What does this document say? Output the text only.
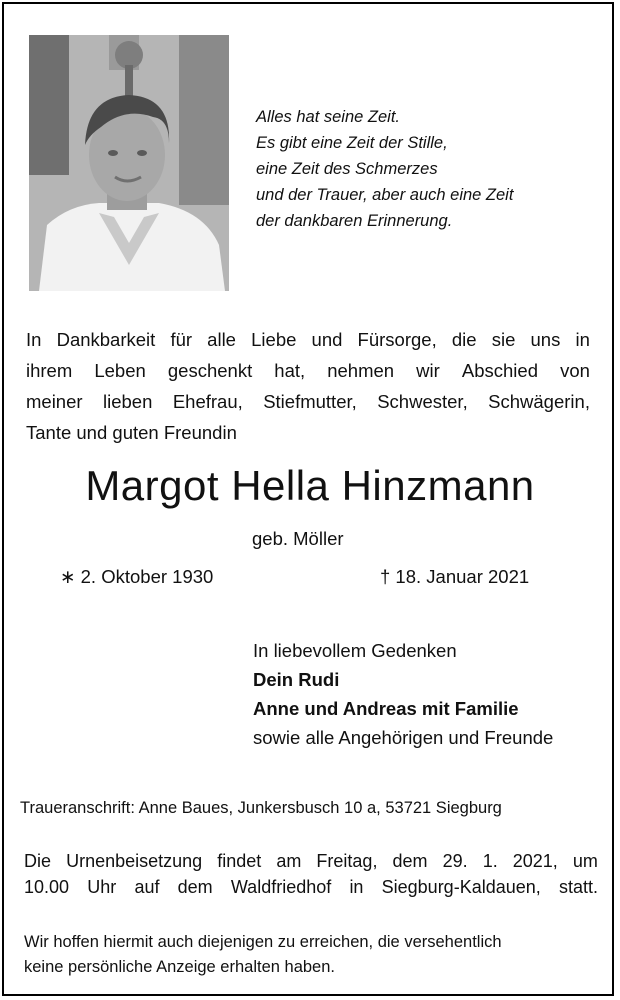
Alles hat seine Zeit.
Es gibt eine Zeit der Stille,
eine Zeit des Schmerzes
und der Trauer, aber auch eine Zeit
der dankbaren Erinnerung.
In Dankbarkeit für alle Liebe und Fürsorge, die sie uns in
ihrem Leben geschenkt hat, nehmen wir Abschied von
meiner lieben Ehefrau, Stiefmutter, Schwester, Schwägerin,
Tante und guten Freundin
Margot Hella Hinzmann
geb. Möller
∗ 2. Oktober 1930	† 18. Januar 2021
In liebevollem Gedenken
Dein Rudi
Anne und Andreas mit Familie
sowie alle Angehörigen und Freunde
Traueranschrift: Anne Baues, Junkersbusch 10 a, 53721 Siegburg
Die Urnenbeisetzung findet am Freitag, dem 29. 1. 2021, um
10.00 Uhr auf dem Waldfriedhof in Siegburg-Kaldauen, statt.
Wir hoffen hiermit auch diejenigen zu erreichen, die versehentlich
keine persönliche Anzeige erhalten haben.
